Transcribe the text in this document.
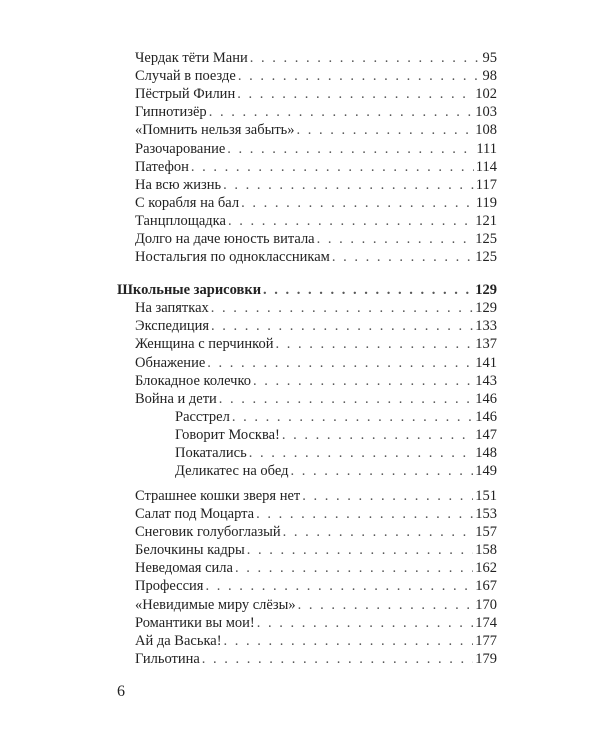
Чердак тёти Мани . . .	95
Случай в поезде . . .	98
Пёстрый Филин . . .	102
Гипнотизёр . . .	103
«Помнить нельзя забыть» . . .	108
Разочарование . . .	111
Патефон . . .	114
На всю жизнь . . .	117
С корабля на бал . . .	119
Танцплощадка . . .	121
Долго на даче юность витала . . .	125
Ностальгия по одноклассникам . . .	125
Школьные зарисовки . . .	129
На запятках . . .	129
Экспедиция . . .	133
Женщина с перчинкой . . .	137
Обнажение . . .	141
Блокадное колечко . . .	143
Война и дети . . .	146
Расстрел . . .	146
Говорит Москва! . . .	147
Покатались . . .	148
Деликатес на обед . . .	149
Страшнее кошки зверя нет . . .	151
Салат под Моцарта . . .	153
Снеговик голубоглазый . . .	157
Белочкины кадры . . .	158
Неведомая сила . . .	162
Профессия . . .	167
«Невидимые миру слёзы» . . .	170
Романтики вы мои! . . .	174
Ай да Васька! . . .	177
Гильотина . . .	179
6
